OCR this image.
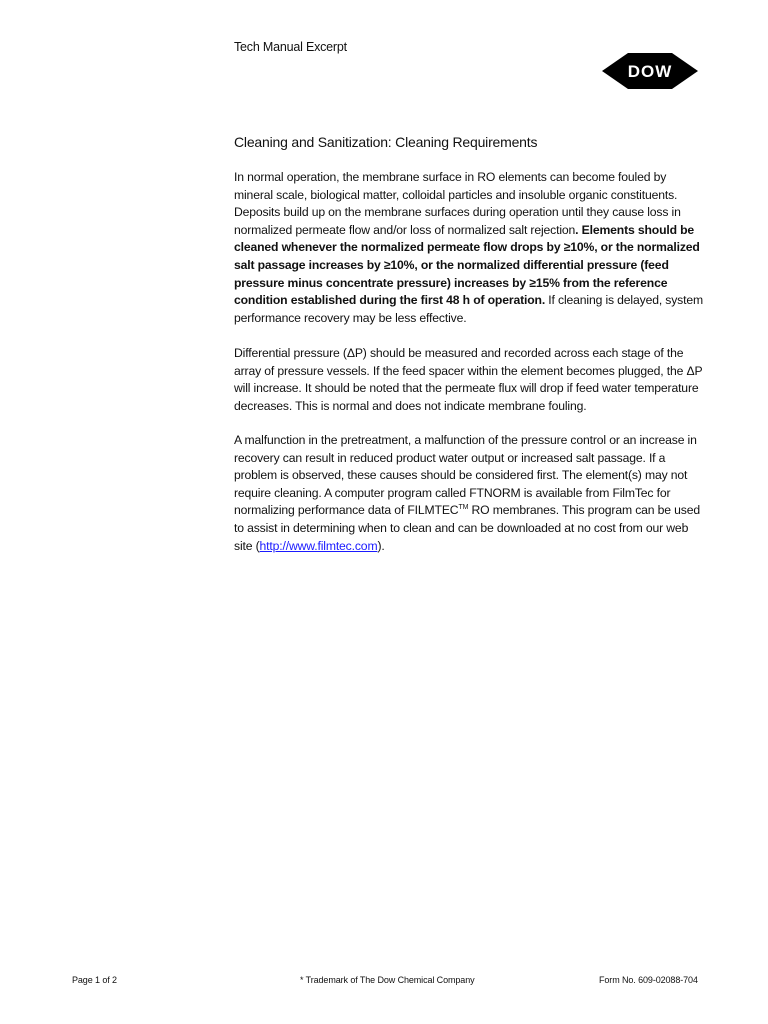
Tech Manual Excerpt
DOW
Cleaning and Sanitization: Cleaning Requirements

In normal operation, the membrane surface in RO elements can become fouled by mineral scale, biological matter, colloidal particles and insoluble organic constituents. Deposits build up on the membrane surfaces during operation until they cause loss in normalized permeate flow and/or loss of normalized salt rejection. Elements should be cleaned whenever the normalized permeate flow drops by ≥10%, or the normalized salt passage increases by ≥10%, or the normalized differential pressure (feed pressure minus concentrate pressure) increases by ≥15% from the reference condition established during the first 48 h of operation. If cleaning is delayed, system performance recovery may be less effective.

Differential pressure (ΔP) should be measured and recorded across each stage of the array of pressure vessels. If the feed spacer within the element becomes plugged, the ΔP will increase. It should be noted that the permeate flux will drop if feed water temperature decreases. This is normal and does not indicate membrane fouling.

A malfunction in the pretreatment, a malfunction of the pressure control or an increase in recovery can result in reduced product water output or increased salt passage. If a problem is observed, these causes should be considered first. The element(s) may not require cleaning. A computer program called FTNORM is available from FilmTec for normalizing performance data of FILMTEC™ RO membranes. This program can be used to assist in determining when to clean and can be downloaded at no cost from our web site (http://www.filmtec.com).

Page 1 of 2	* Trademark of The Dow Chemical Company	Form No. 609-02088-704
